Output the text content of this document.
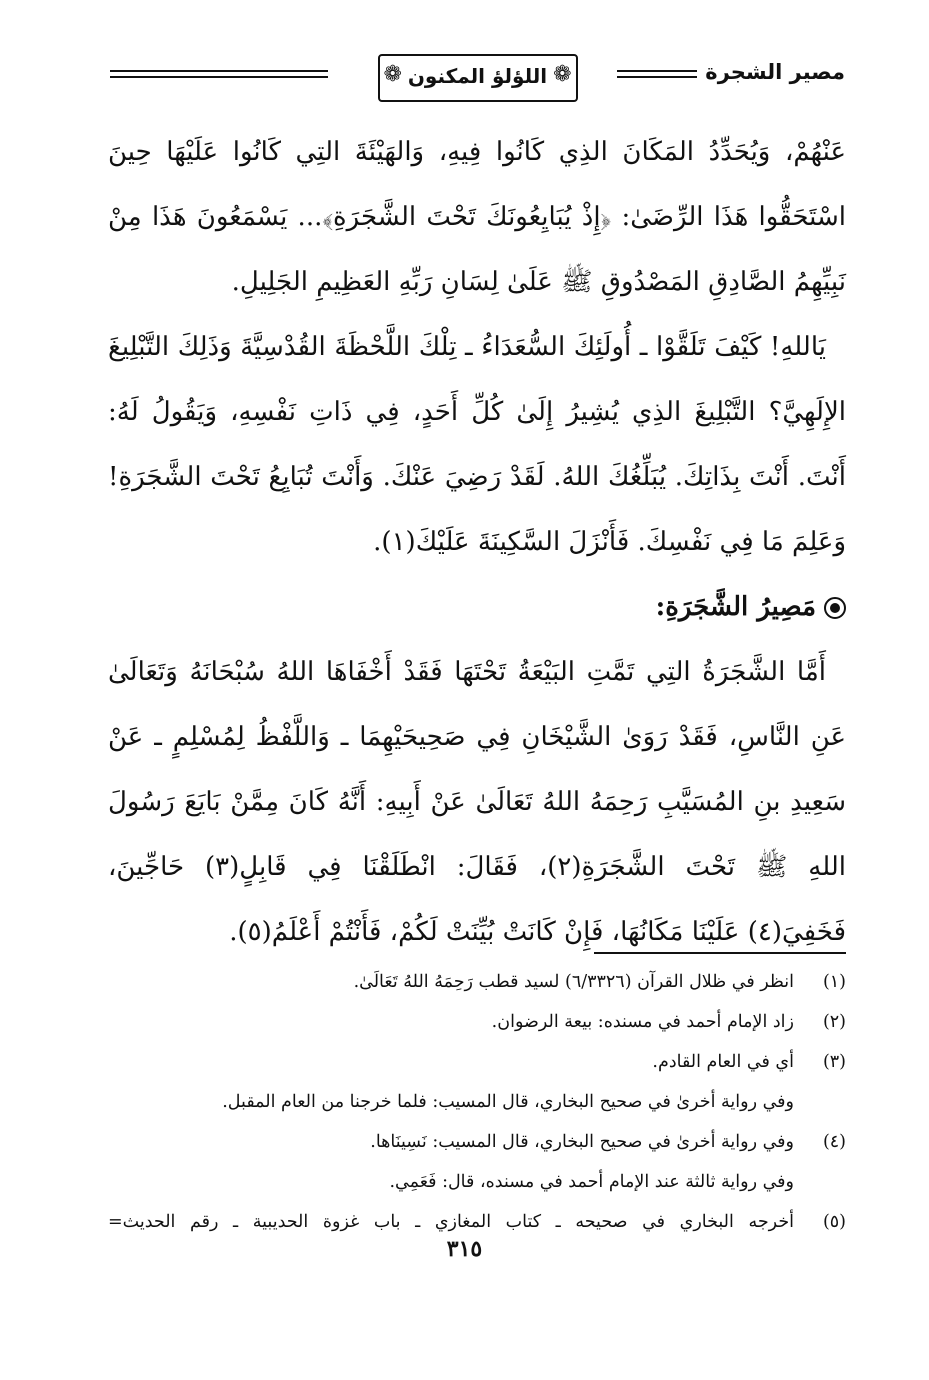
مصير الشجرة
❁
اللؤلؤ المكنون
❁

عَنْهُمْ، وَيُحَدِّدُ المَكَانَ الذِي كَانُوا فِيهِ، وَالهَيْئَةَ التِي كَانُوا عَلَيْهَا حِينَ اسْتَحَقُّوا هَذَا الرِّضَىٰ: ﴿إِذْ يُبَايِعُونَكَ تَحْتَ الشَّجَرَةِ﴾... يَسْمَعُونَ هَذَا مِنْ نَبِيِّهِمُ الصَّادِقِ المَصْدُوقِ ﷺ عَلَىٰ لِسَانِ رَبِّهِ العَظِيمِ الجَلِيلِ.

يَاللهِ! كَيْفَ تَلَقَّوْا ـ أُولَئِكَ السُّعَدَاءُ ـ تِلْكَ اللَّحْظَةَ القُدْسِيَّةَ وَذَلِكَ التَّبْلِيغَ الإِلَهِيَّ؟ التَّبْلِيغَ الذِي يُشِيرُ إِلَىٰ كُلِّ أَحَدٍ، فِي ذَاتِ نَفْسِهِ، وَيَقُولُ لَهُ: أَنْتَ. أَنْتَ بِذَاتِكَ. يُبَلِّغُكَ اللهُ. لَقَدْ رَضِيَ عَنْكَ. وَأَنْتَ تُبَايِعُ تَحْتَ الشَّجَرَةِ! وَعَلِمَ مَا فِي نَفْسِكَ. فَأَنْزَلَ السَّكِينَةَ عَلَيْكَ(١).

مَصِيرُ الشَّجَرَةِ:

أَمَّا الشَّجَرَةُ التِي تَمَّتِ البَيْعَةُ تَحْتَهَا فَقَدْ أَخْفَاهَا اللهُ سُبْحَانَهُ وَتَعَالَىٰ عَنِ النَّاسِ، فَقَدْ رَوَىٰ الشَّيْخَانِ فِي صَحِيحَيْهِمَا ـ وَاللَّفْظُ لِمُسْلِمٍ ـ عَنْ سَعِيدِ بنِ المُسَيَّبِ رَحِمَهُ اللهُ تَعَالَىٰ عَنْ أَبِيهِ: أَنَّهُ كَانَ مِمَّنْ بَايَعَ رَسُولَ اللهِ ﷺ تَحْتَ الشَّجَرَةِ(٢)، فَقَالَ: انْطَلَقْنَا فِي قَابِلٍ(٣) حَاجِّينَ، فَخَفِيَ(٤) عَلَيْنَا مَكَانُهَا، فَإِنْ كَانَتْ بُيِّنَتْ لَكُمْ، فَأَنْتُمْ أَعْلَمُ(٥).

(١)
انظر في ظلال القرآن (٦/٣٣٢٦) لسيد قطب رَحِمَهُ اللهُ تَعَالَىٰ.
(٢)
زاد الإمام أحمد في مسنده: بيعة الرضوان.
(٣)
أي في العام القادم.
وفي رواية أخرىٰ في صحيح البخاري، قال المسيب: فلما خرجنا من العام المقبل.
(٤)
وفي رواية أخرىٰ في صحيح البخاري، قال المسيب: نَسِينَاها.
وفي رواية ثالثة عند الإمام أحمد في مسنده، قال: فَعَمِي.
(٥)
أخرجه البخاري في صحيحه ـ كتاب المغازي ـ باب غزوة الحديبية ـ رقم الحديث=
٣١٥
